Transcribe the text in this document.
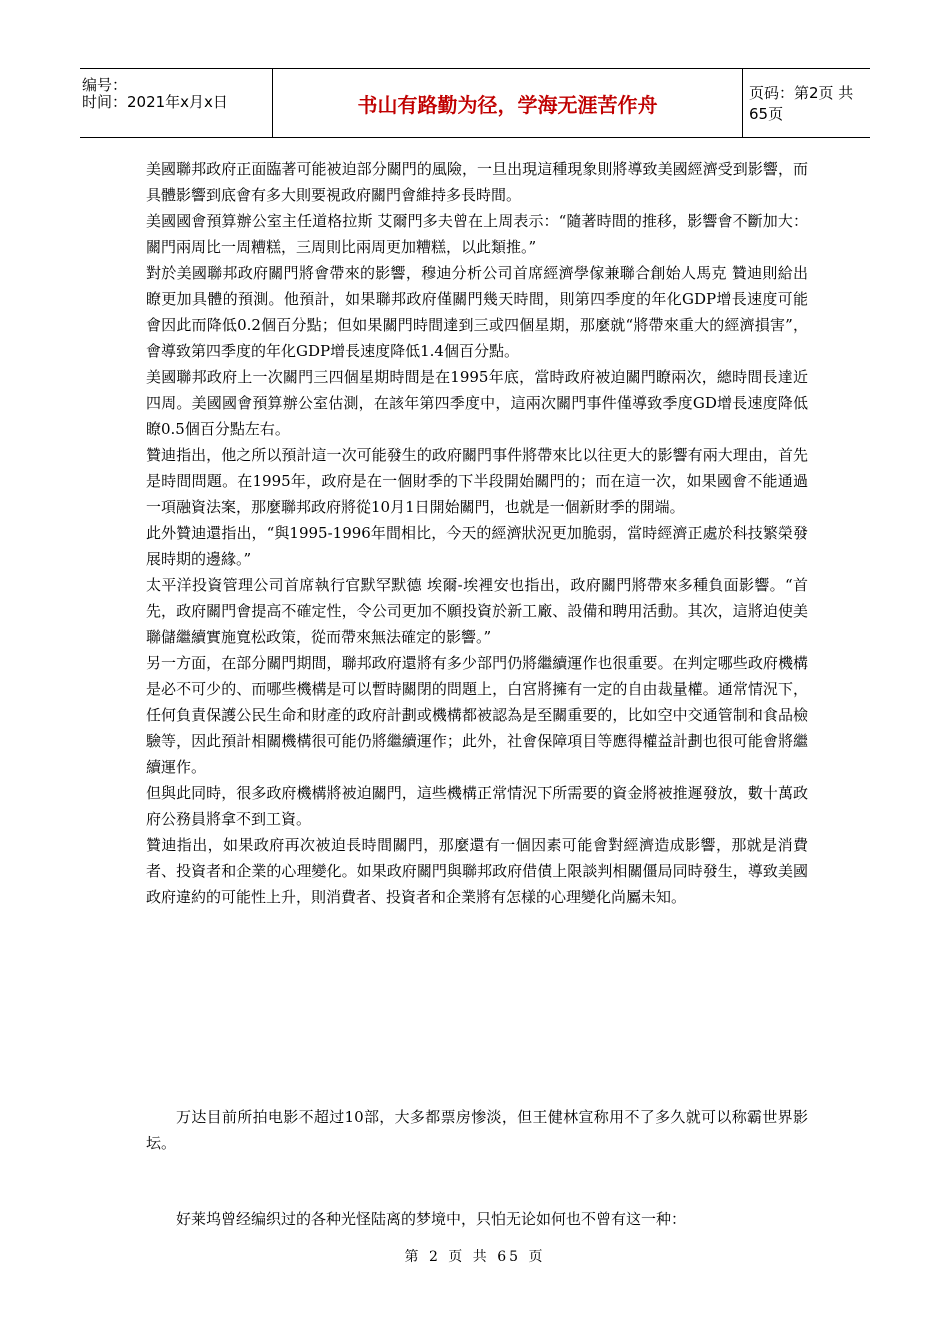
编号：
时间：2021年x月x日	书山有路勤为径，学海无涯苦作舟	页码：第2页 共65页

美國聯邦政府正面臨著可能被迫部分關門的風險，一旦出現這種現象則將導致美國經濟受到影響，而具體影響到底會有多大則要視政府關門會維持多長時間。

美國國會預算辦公室主任道格拉斯 艾爾門多夫曾在上周表示：“隨著時間的推移，影響會不斷加大：關門兩周比一周糟糕，三周則比兩周更加糟糕，以此類推。”

對於美國聯邦政府關門將會帶來的影響，穆迪分析公司首席經濟學傢兼聯合創始人馬克 贊迪則給出瞭更加具體的預測。他預計，如果聯邦政府僅關門幾天時間，則第四季度的年化GDP增長速度可能會因此而降低0.2個百分點；但如果關門時間達到三或四個星期，那麼就“將帶來重大的經濟損害”，會導致第四季度的年化GDP增長速度降低1.4個百分點。

美國聯邦政府上一次關門三四個星期時間是在1995年底，當時政府被迫關門瞭兩次，總時間長達近四周。美國國會預算辦公室估測，在該年第四季度中，這兩次關門事件僅導致季度GD增長速度降低瞭0.5個百分點左右。

贊迪指出，他之所以預計這一次可能發生的政府關門事件將帶來比以往更大的影響有兩大理由，首先是時間問題。在1995年，政府是在一個財季的下半段開始關門的；而在這一次，如果國會不能通過一項融資法案，那麼聯邦政府將從10月1日開始關門，也就是一個新財季的開端。

此外贊迪還指出，“與1995-1996年間相比，今天的經濟狀況更加脆弱，當時經濟正處於科技繁榮發展時期的邊緣。”

太平洋投資管理公司首席執行官默罕默德 埃爾-埃裡安也指出，政府關門將帶來多種負面影響。“首先，政府關門會提高不確定性，令公司更加不願投資於新工廠、設備和聘用活動。其次，這將迫使美聯儲繼續實施寬松政策，從而帶來無法確定的影響。”

另一方面，在部分關門期間，聯邦政府還將有多少部門仍將繼續運作也很重要。在判定哪些政府機構是必不可少的、而哪些機構是可以暫時關閉的問題上，白宮將擁有一定的自由裁量權。通常情況下，任何負責保護公民生命和財產的政府計劃或機構都被認為是至關重要的，比如空中交通管制和食品檢驗等，因此預計相關機構很可能仍將繼續運作；此外，社會保障項目等應得權益計劃也很可能會將繼續運作。

但與此同時，很多政府機構將被迫關門，這些機構正常情況下所需要的資金將被推遲發放，數十萬政府公務員將拿不到工資。

贊迪指出，如果政府再次被迫長時間關門，那麼還有一個因素可能會對經濟造成影響，那就是消費者、投資者和企業的心理變化。如果政府關門與聯邦政府借債上限談判相關僵局同時發生，導致美國政府違約的可能性上升，則消費者、投資者和企業將有怎樣的心理變化尚屬未知。

万达目前所拍电影不超过10部，大多都票房惨淡，但王健林宣称用不了多久就可以称霸世界影坛。

好莱坞曾经编织过的各种光怪陆离的梦境中，只怕无论如何也不曾有这一种：

第 2 页 共 65 页
